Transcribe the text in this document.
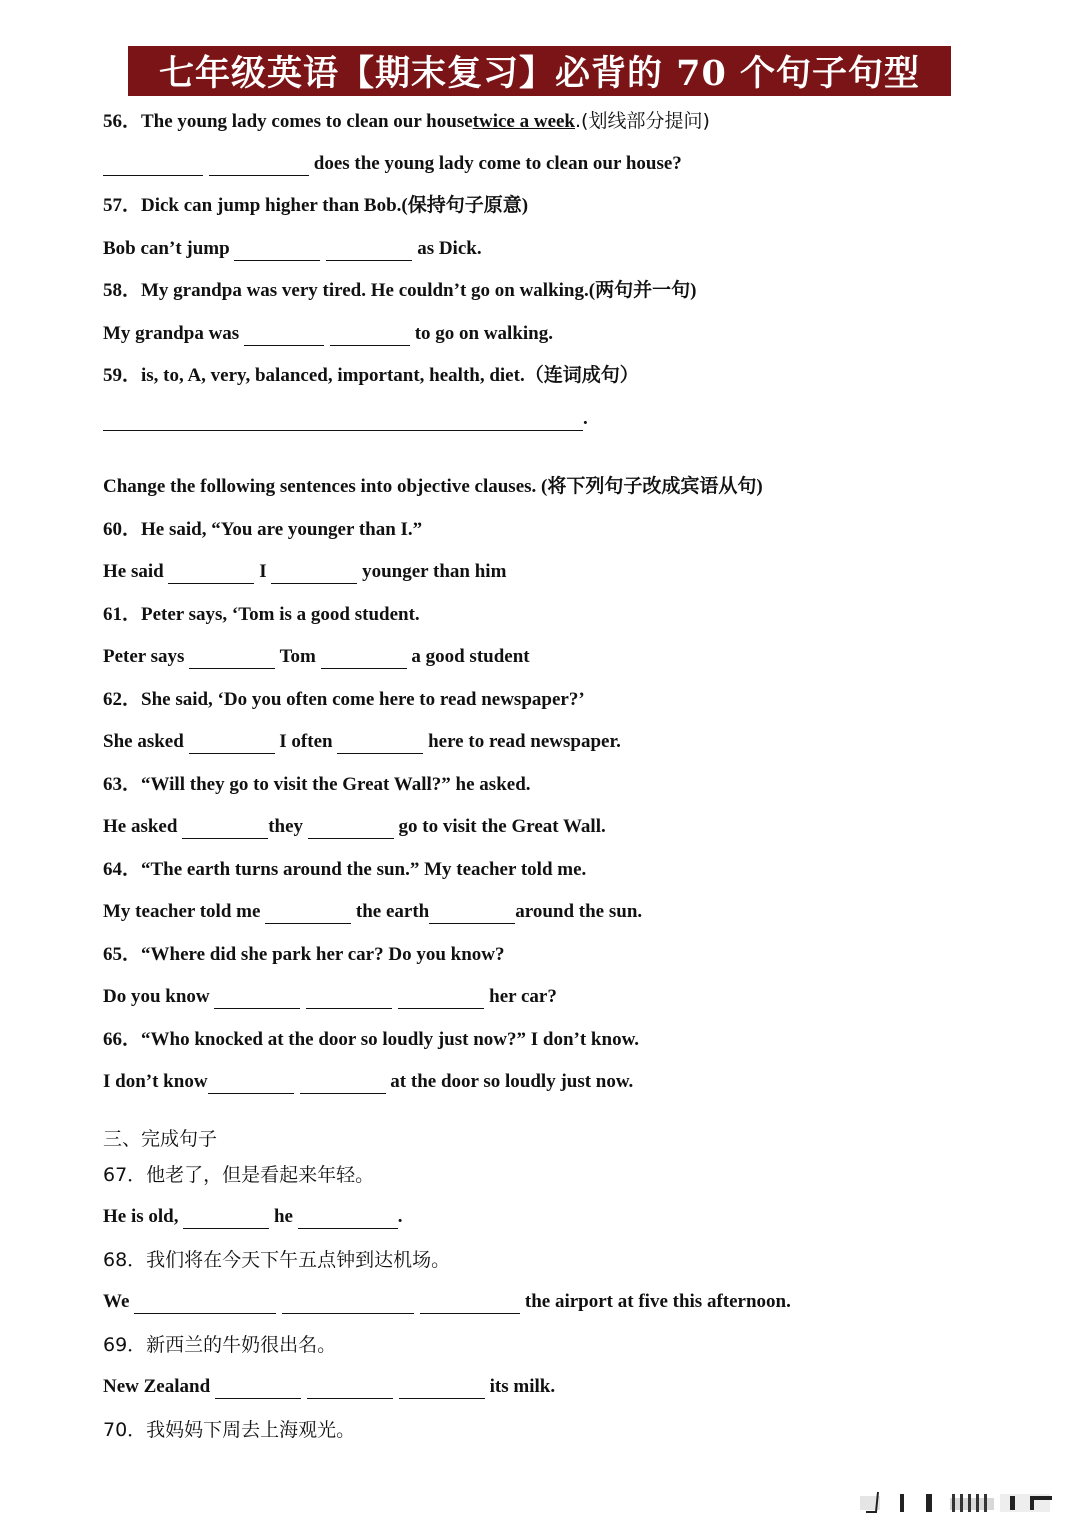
七年级英语【期末复习】必背的 70 个句子句型
56．The young lady comes to clean our housetwice a week.(划线部分提问)
does the young lady come to clean our house?
57．Dick can jump higher than Bob.(保持句子原意)
Bob can’t jump	as Dick.
58．My grandpa was very tired. He couldn’t go on walking.(两句并一句)
My grandpa was	to go on walking.
59．is, to, A, very, balanced, important, health, diet.（连词成句）
.
Change the following sentences into objective clauses. (将下列句子改成宾语从句)
60．He said, “You are younger than I.”
He said	I	younger than him
61．Peter says, ‘Tom is a good student.
Peter says	Tom	a good student
62．She said, ‘Do you often come here to read newspaper?’
She asked	I often	here to read newspaper.
63．“Will they go to visit the Great Wall?” he asked.
He asked	they	go to visit the Great Wall.
64．“The earth turns around the sun.” My teacher told me.
My teacher told me	the earth	around the sun.
65．“Where did she park her car? Do you know?
Do you know	her car?
66．“Who knocked at the door so loudly just now?” I don’t know.
I don’t know	at the door so loudly just now.
三、完成句子
67．他老了，但是看起来年轻。
He is old,	he	.
68．我们将在今天下午五点钟到达机场。
We	the airport at five this afternoon.
69．新西兰的牛奶很出名。
New Zealand	its milk.
70．我妈妈下周去上海观光。
